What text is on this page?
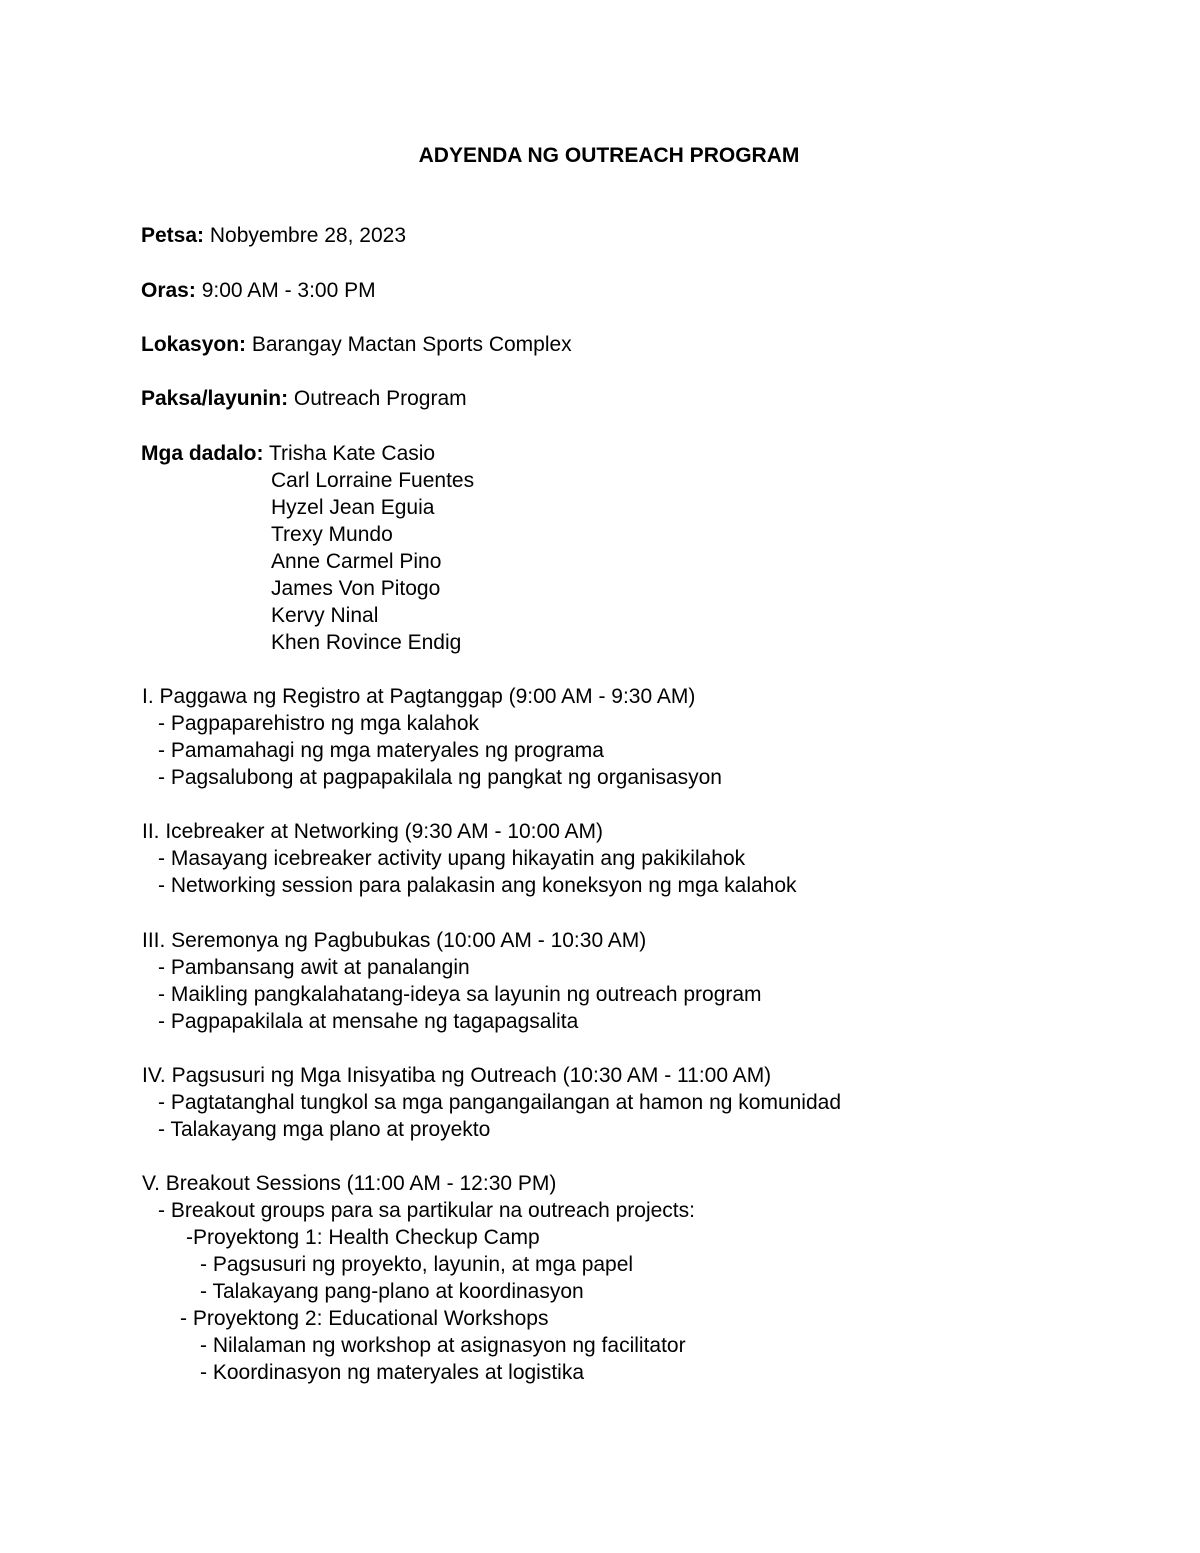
ADYENDA NG OUTREACH PROGRAM
Petsa: Nobyembre 28, 2023
Oras: 9:00 AM - 3:00 PM
Lokasyon: Barangay Mactan Sports Complex
Paksa/layunin: Outreach Program
Mga dadalo: Trisha Kate Casio
Carl Lorraine Fuentes
Hyzel Jean Eguia
Trexy Mundo
Anne Carmel Pino
James Von Pitogo
Kervy Ninal
Khen Rovince Endig
I. Paggawa ng Registro at Pagtanggap (9:00 AM - 9:30 AM)
- Pagpaparehistro ng mga kalahok
- Pamamahagi ng mga materyales ng programa
- Pagsalubong at pagpapakilala ng pangkat ng organisasyon
II. Icebreaker at Networking (9:30 AM - 10:00 AM)
- Masayang icebreaker activity upang hikayatin ang pakikilahok
- Networking session para palakasin ang koneksyon ng mga kalahok
III. Seremonya ng Pagbubukas (10:00 AM - 10:30 AM)
- Pambansang awit at panalangin
- Maikling pangkalahatang-ideya sa layunin ng outreach program
- Pagpapakilala at mensahe ng tagapagsalita
IV. Pagsusuri ng Mga Inisyatiba ng Outreach (10:30 AM - 11:00 AM)
- Pagtatanghal tungkol sa mga pangangailangan at hamon ng komunidad
- Talakayang mga plano at proyekto
V. Breakout Sessions (11:00 AM - 12:30 PM)
- Breakout groups para sa partikular na outreach projects:
-Proyektong 1: Health Checkup Camp
- Pagsusuri ng proyekto, layunin, at mga papel
- Talakayang pang-plano at koordinasyon
- Proyektong 2: Educational Workshops
- Nilalaman ng workshop at asignasyon ng facilitator
- Koordinasyon ng materyales at logistika
